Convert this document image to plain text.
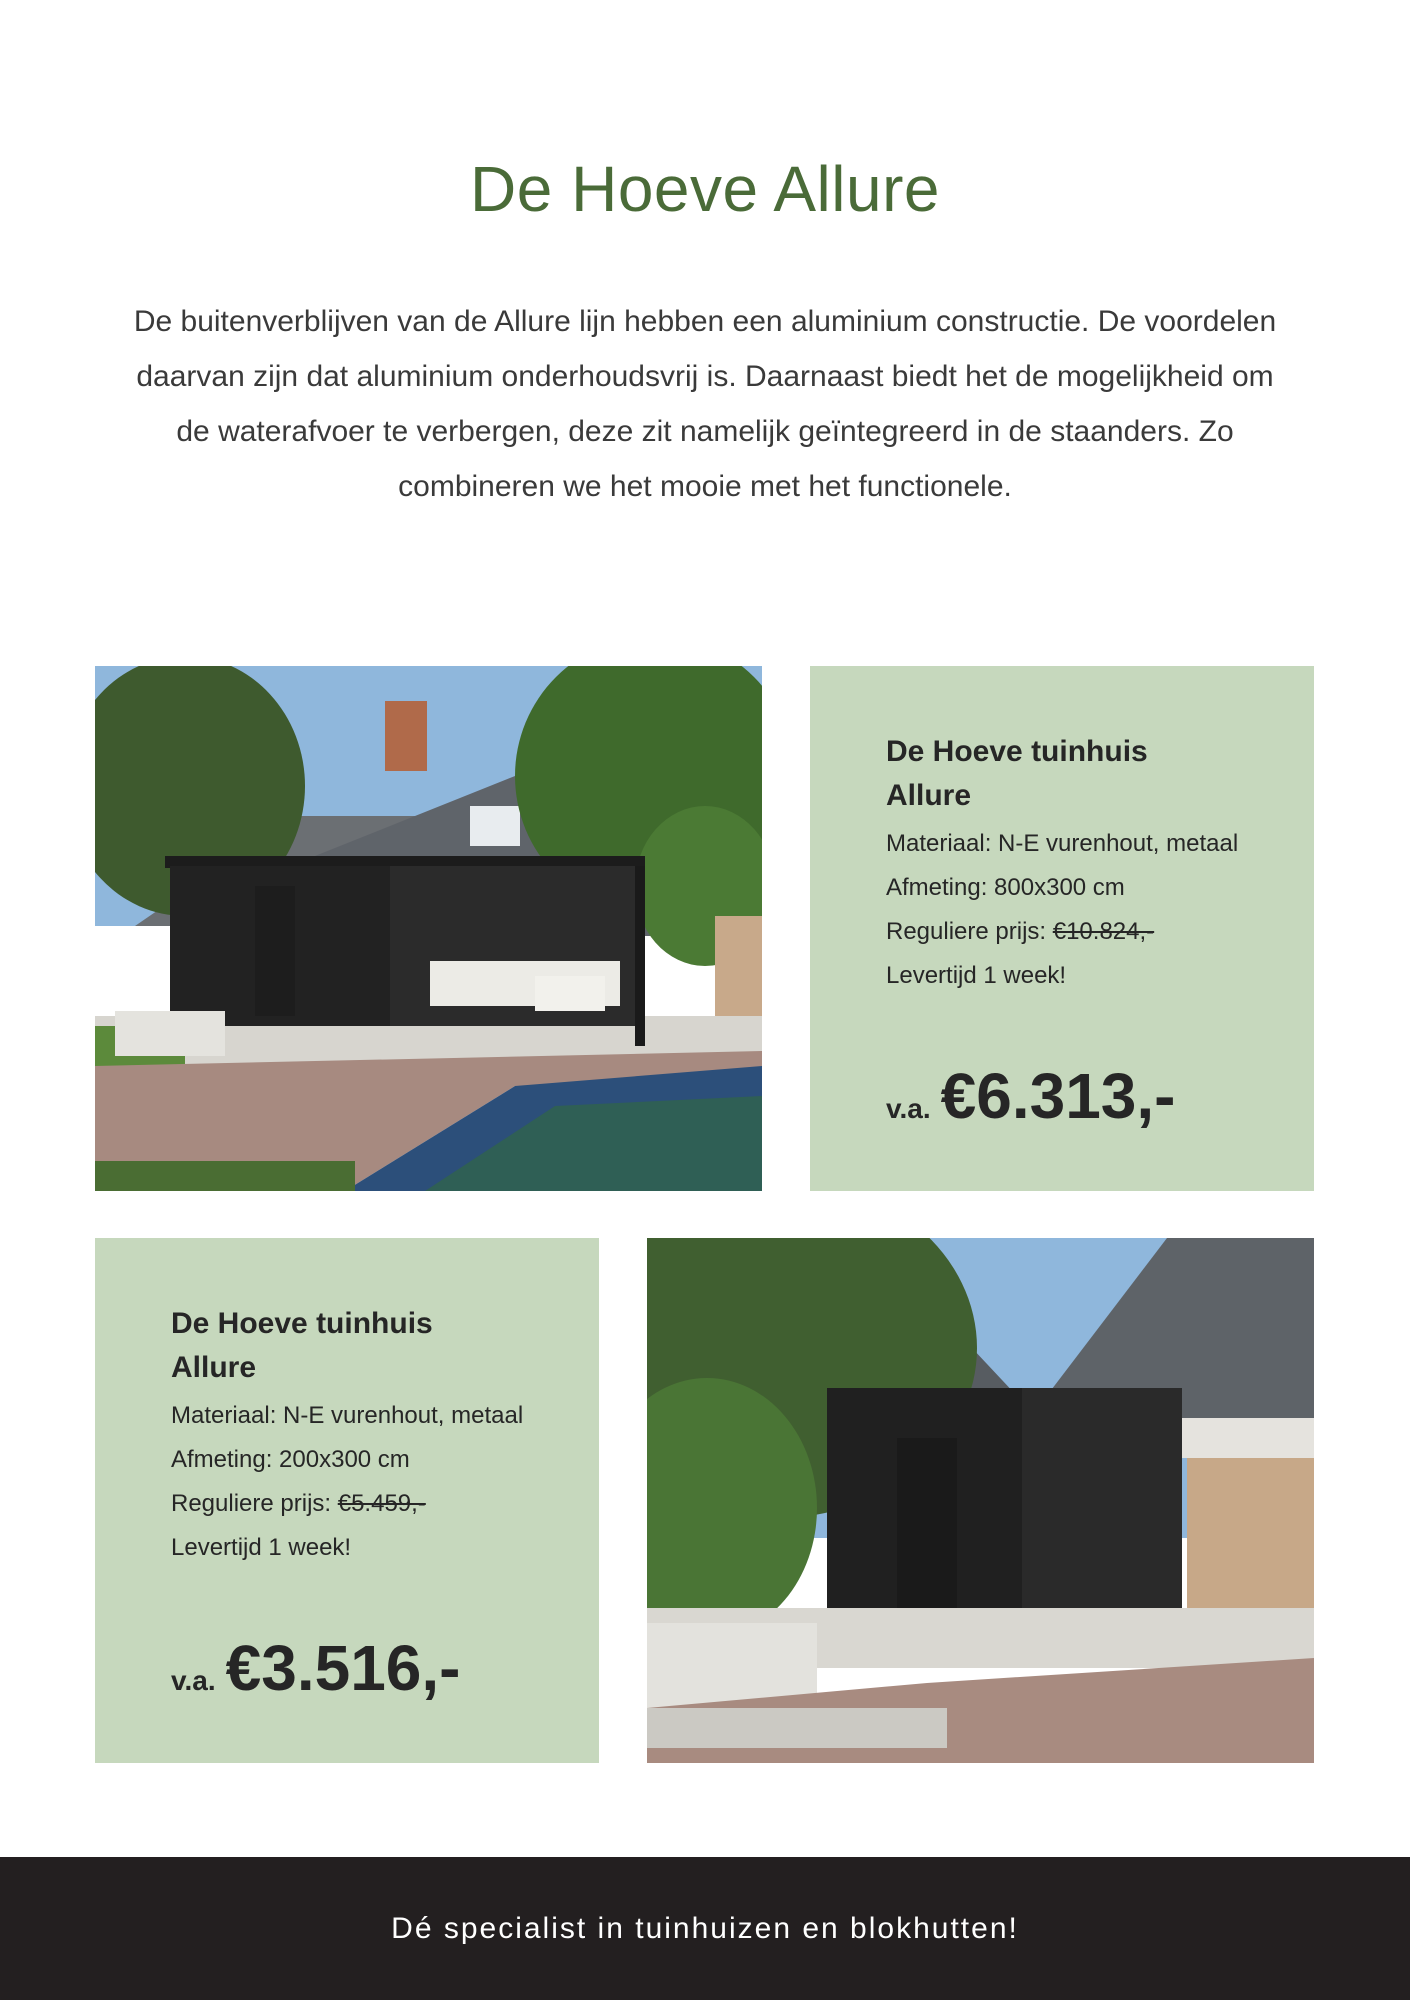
De Hoeve Allure

De buitenverblijven van de Allure lijn hebben een aluminium constructie. De voordelen daarvan zijn dat aluminium onderhoudsvrij is. Daarnaast biedt het de mogelijkheid om de waterafvoer te verbergen, deze zit namelijk geïntegreerd in de staanders. Zo combineren we het mooie met het functionele.

De Hoeve tuinhuis
Allure
Materiaal: N-E vurenhout, metaal
Afmeting: 800x300 cm
Reguliere prijs: €10.824,-
Levertijd 1 week!
v.a. €6.313,-
De Hoeve tuinhuis
Allure
Materiaal: N-E vurenhout, metaal
Afmeting: 200x300 cm
Reguliere prijs: €5.459,-
Levertijd 1 week!
v.a. €3.516,-
Dé specialist in tuinhuizen en blokhutten!
